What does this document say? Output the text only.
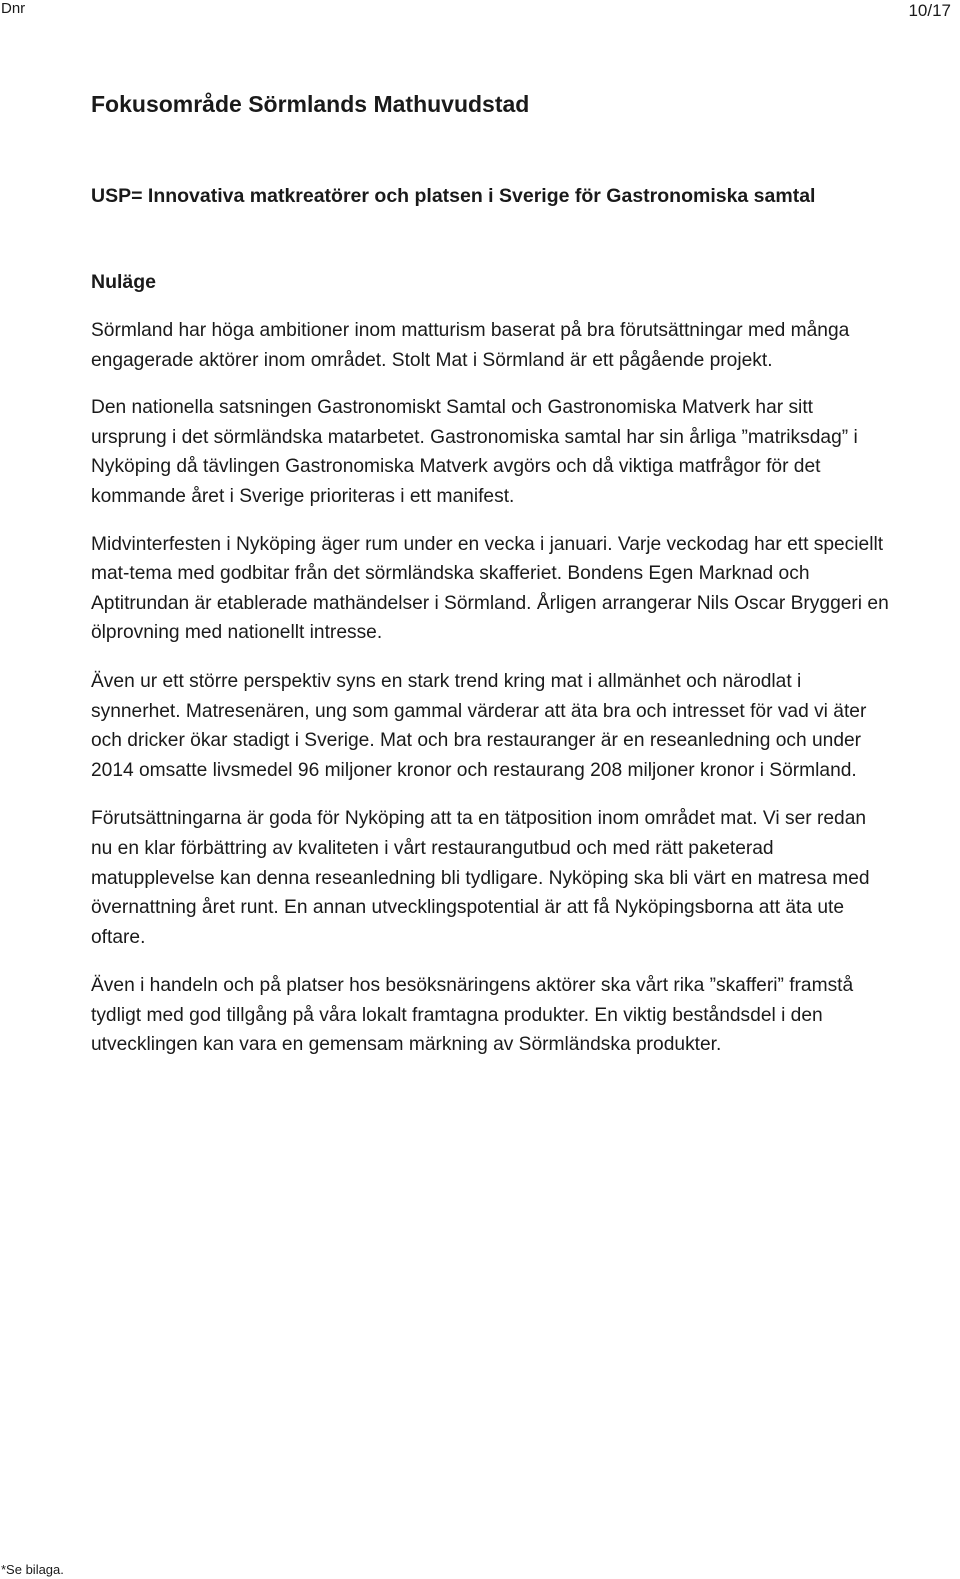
Dnr	10/17
Fokusområde Sörmlands Mathuvudstad
USP= Innovativa matkreatörer och platsen i Sverige för Gastronomiska samtal
Nuläge

Sörmland har höga ambitioner inom matturism baserat på bra förutsättningar med många engagerade aktörer inom området. Stolt Mat i Sörmland är ett pågående projekt.

Den nationella satsningen Gastronomiskt Samtal och Gastronomiska Matverk har sitt ursprung i det sörmländska matarbetet. Gastronomiska samtal har sin årliga ”matriksdag” i Nyköping då tävlingen Gastronomiska Matverk avgörs och då viktiga matfrågor för det kommande året i Sverige prioriteras i ett manifest.

Midvinterfesten i Nyköping äger rum under en vecka i januari. Varje veckodag har ett speciellt mat-tema med godbitar från det sörmländska skafferiet. Bondens Egen Marknad och Aptitrundan är etablerade mathändelser i Sörmland. Årligen arrangerar Nils Oscar Bryggeri en ölprovning med nationellt intresse.

Även ur ett större perspektiv syns en stark trend kring mat i allmänhet och närodlat i synnerhet. Matresenären, ung som gammal värderar att äta bra och intresset för vad vi äter och dricker ökar stadigt i Sverige. Mat och bra restauranger är en reseanledning och under 2014 omsatte livsmedel 96 miljoner kronor och restaurang 208 miljoner kronor i Sörmland.

Förutsättningarna är goda för Nyköping att ta en tätposition inom området mat. Vi ser redan nu en klar förbättring av kvaliteten i vårt restaurangutbud och med rätt paketerad matupplevelse kan denna reseanledning bli tydligare. Nyköping ska bli värt en matresa med övernattning året runt. En annan utvecklingspotential är att få Nyköpingsborna att äta ute oftare.

Även i handeln och på platser hos besöksnäringens aktörer ska vårt rika ”skafferi” framstå tydligt med god tillgång på våra lokalt framtagna produkter. En viktig beståndsdel i den utvecklingen kan vara en gemensam märkning av Sörmländska produkter.

*Se bilaga.
